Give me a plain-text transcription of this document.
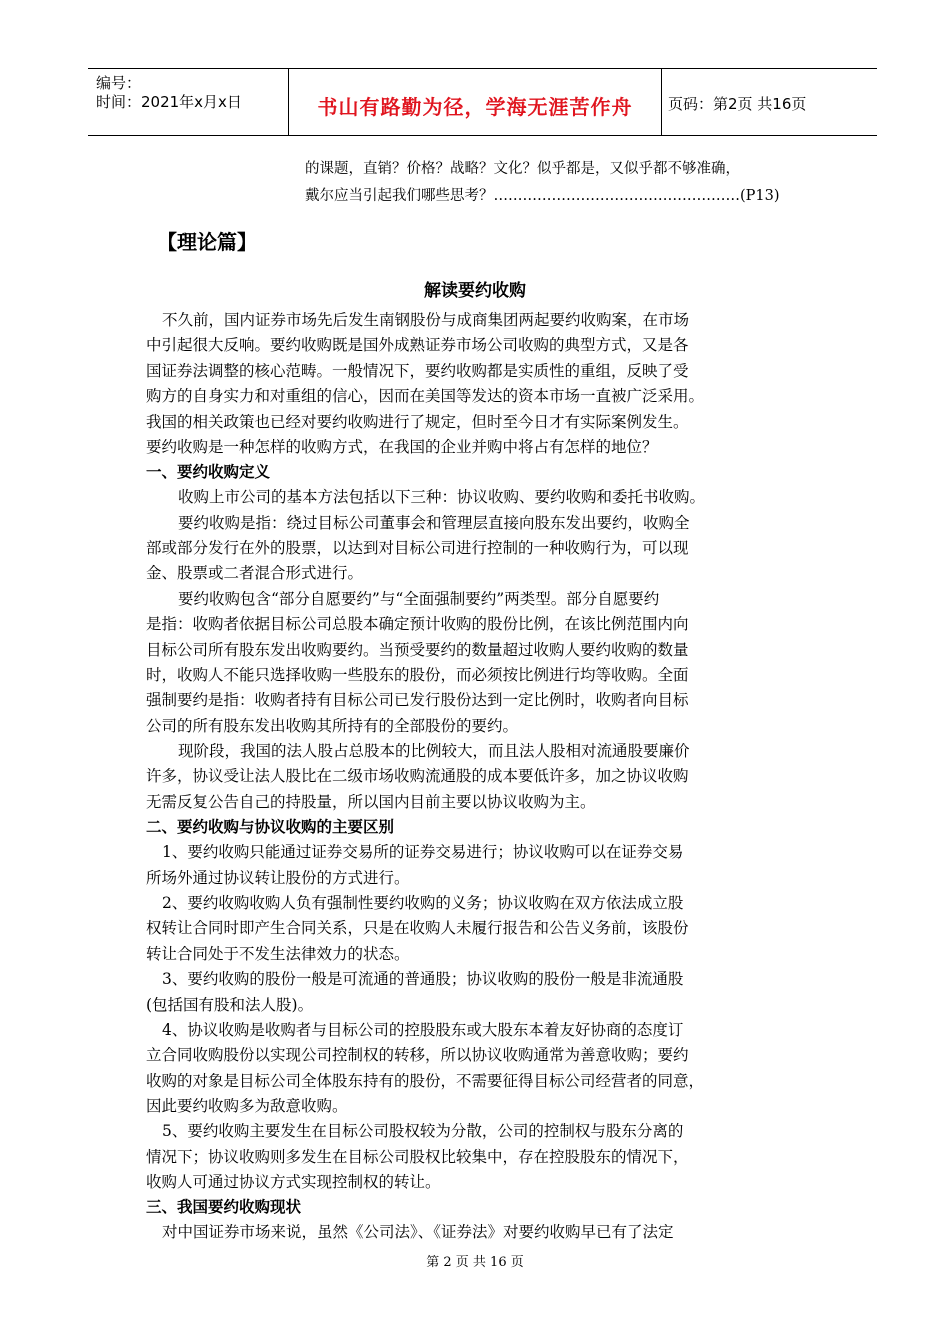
编号：
时间：2021年x月x日	书山有路勤为径，学海无涯苦作舟	页码：第2页 共16页
的课题，直销？价格？战略？文化？似乎都是，又似乎都不够准确，
戴尔应当引起我们哪些思考？……………………………………………(P13)
【理论篇】
解读要约收购
不久前，国内证券市场先后发生南钢股份与成商集团两起要约收购案，在市场
中引起很大反响。要约收购既是国外成熟证券市场公司收购的典型方式，又是各
国证券法调整的核心范畴。一般情况下，要约收购都是实质性的重组，反映了受
购方的自身实力和对重组的信心，因而在美国等发达的资本市场一直被广泛采用。
我国的相关政策也已经对要约收购进行了规定，但时至今日才有实际案例发生。
要约收购是一种怎样的收购方式，在我国的企业并购中将占有怎样的地位？
一、要约收购定义
收购上市公司的基本方法包括以下三种：协议收购、要约收购和委托书收购。
要约收购是指：绕过目标公司董事会和管理层直接向股东发出要约，收购全
部或部分发行在外的股票，以达到对目标公司进行控制的一种收购行为，可以现
金、股票或二者混合形式进行。
要约收购包含“部分自愿要约”与“全面强制要约”两类型。部分自愿要约
是指：收购者依据目标公司总股本确定预计收购的股份比例，在该比例范围内向
目标公司所有股东发出收购要约。当预受要约的数量超过收购人要约收购的数量
时，收购人不能只选择收购一些股东的股份，而必须按比例进行均等收购。全面
强制要约是指：收购者持有目标公司已发行股份达到一定比例时，收购者向目标
公司的所有股东发出收购其所持有的全部股份的要约。
现阶段，我国的法人股占总股本的比例较大，而且法人股相对流通股要廉价
许多，协议受让法人股比在二级市场收购流通股的成本要低许多，加之协议收购
无需反复公告自己的持股量，所以国内目前主要以协议收购为主。
二、要约收购与协议收购的主要区别
1、要约收购只能通过证券交易所的证券交易进行；协议收购可以在证券交易
所场外通过协议转让股份的方式进行。
2、要约收购收购人负有强制性要约收购的义务；协议收购在双方依法成立股
权转让合同时即产生合同关系，只是在收购人未履行报告和公告义务前，该股份
转让合同处于不发生法律效力的状态。
3、要约收购的股份一般是可流通的普通股；协议收购的股份一般是非流通股
(包括国有股和法人股)。
4、协议收购是收购者与目标公司的控股股东或大股东本着友好协商的态度订
立合同收购股份以实现公司控制权的转移，所以协议收购通常为善意收购；要约
收购的对象是目标公司全体股东持有的股份，不需要征得目标公司经营者的同意，
因此要约收购多为敌意收购。
5、要约收购主要发生在目标公司股权较为分散，公司的控制权与股东分离的
情况下；协议收购则多发生在目标公司股权比较集中，存在控股股东的情况下，
收购人可通过协议方式实现控制权的转让。
三、我国要约收购现状
对中国证券市场来说，虽然《公司法》、《证券法》对要约收购早已有了法定
第 2 页 共 16 页
